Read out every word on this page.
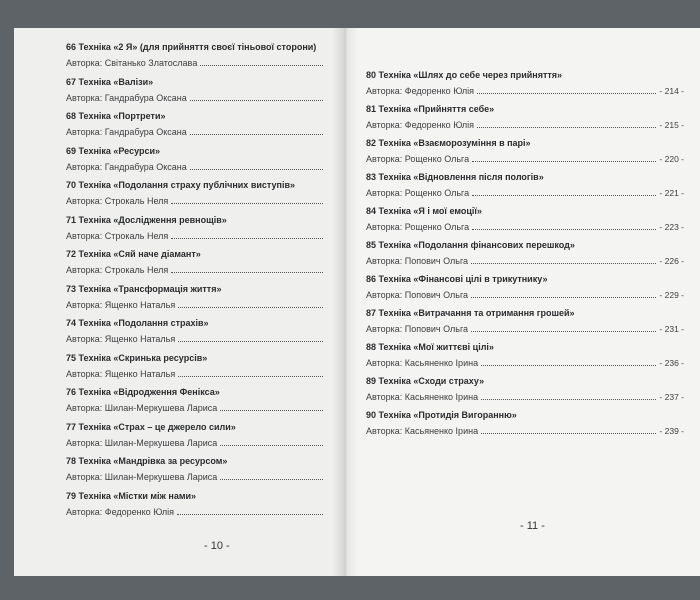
66 Техніка «2 Я» (для прийняття своєї тіньової сторони)
Авторка: Світанько Златославa
67 Техніка «Валізи»
Авторка: Гандрабура Оксана
68 Техніка «Портрети»
Авторка: Гандрабура Оксана
69 Техніка «Ресурси»
Авторка: Гандрабура Оксана
70 Техніка «Подолання страху публічних виступів»
Авторка: Строкаль Неля
71 Техніка «Дослідження ревнощів»
Авторка: Строкаль Неля
72 Техніка «Сяй наче діамант»
Авторка: Строкаль Неля
73 Техніка «Трансформація життя»
Авторка: Ященко Наталья
74 Техніка «Подолання страхів»
Авторка: Ященко Наталья
75 Техніка «Скринька ресурсів»
Авторка: Ященко Наталья
76 Техніка «Відродження Фенікса»
Авторка: Шилан-Меркушева Лариса
77 Техніка «Страх – це джерело сили»
Авторка: Шилан-Меркушева Лариса
78 Техніка «Мандрівка за ресурсом»
Авторка: Шилан-Меркушева Лариса
79 Техніка «Містки між нами»
Авторка: Федоренко Юлія
- 10 -
80 Техніка «Шлях до себе через прийняття»
Авторка: Федоренко Юлія	- 214 -
81 Техніка «Прийняття себе»
Авторка: Федоренко Юлія	- 215 -
82 Техніка «Взаєморозуміння в парі»
Авторка: Рощенко Ольга	- 220 -
83 Техніка «Відновлення після пологів»
Авторка: Рощенко Ольга	- 221 -
84 Техніка «Я і мої емоції»
Авторка: Рощенко Ольга	- 223 -
85 Техніка «Подолання фінансових перешкод»
Авторка: Попович Ольга	- 226 -
86 Техніка «Фінансові цілі в трикутнику»
Авторка: Попович Ольга	- 229 -
87 Техніка «Витрачання та отримання грошей»
Авторка: Попович Ольга	- 231 -
88 Техніка «Мої життєві цілі»
Авторка: Касьяненко Ірина	- 236 -
89 Техніка «Сходи страху»
Авторка: Касьяненко Ірина	- 237 -
90 Техніка «Протидія Вигоранню»
Авторка: Касьяненко Ірина	- 239 -
- 11 -
